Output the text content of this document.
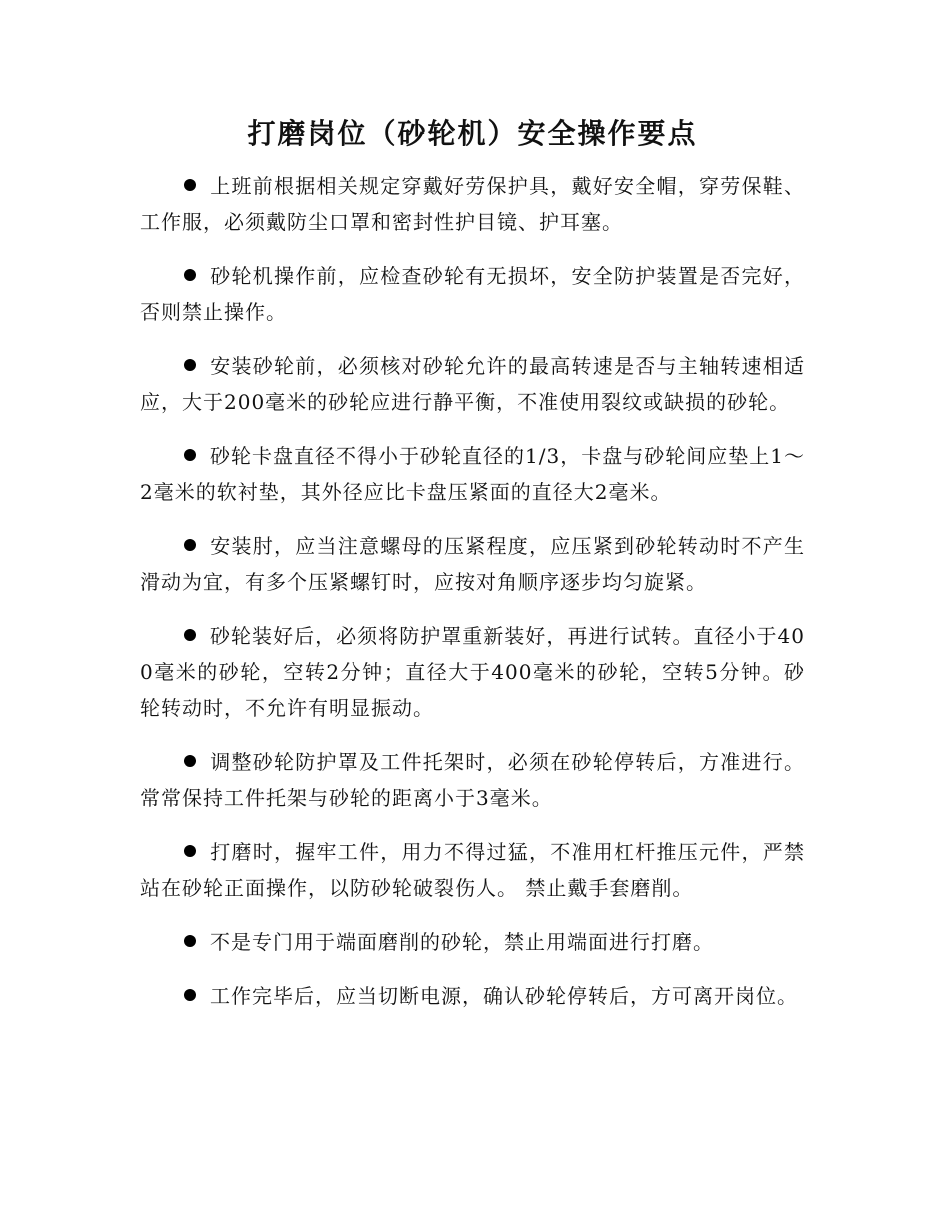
打磨岗位（砂轮机）安全操作要点

上班前根据相关规定穿戴好劳保护具，戴好安全帽，穿劳保鞋、工作服，必须戴防尘口罩和密封性护目镜、护耳塞。

砂轮机操作前，应检查砂轮有无损坏，安全防护装置是否完好，否则禁止操作。

安装砂轮前，必须核对砂轮允许的最高转速是否与主轴转速相适应，大于200毫米的砂轮应进行静平衡，不准使用裂纹或缺损的砂轮。

砂轮卡盘直径不得小于砂轮直径的1/3，卡盘与砂轮间应垫上1～2毫米的软衬垫，其外径应比卡盘压紧面的直径大2毫米。

安装肘，应当注意螺母的压紧程度，应压紧到砂轮转动时不产生滑动为宜，有多个压紧螺钉时，应按对角顺序逐步均匀旋紧。

砂轮装好后，必须将防护罩重新装好，再进行试转。直径小于400毫米的砂轮，空转2分钟；直径大于400毫米的砂轮，空转5分钟。砂轮转动时，不允许有明显振动。

调整砂轮防护罩及工件托架时，必须在砂轮停转后，方准进行。常常保持工件托架与砂轮的距离小于3毫米。

打磨时，握牢工件，用力不得过猛，不准用杠杆推压元件，严禁站在砂轮正面操作，以防砂轮破裂伤人。 禁止戴手套磨削。

不是专门用于端面磨削的砂轮，禁止用端面进行打磨。

工作完毕后，应当切断电源，确认砂轮停转后，方可离开岗位。
